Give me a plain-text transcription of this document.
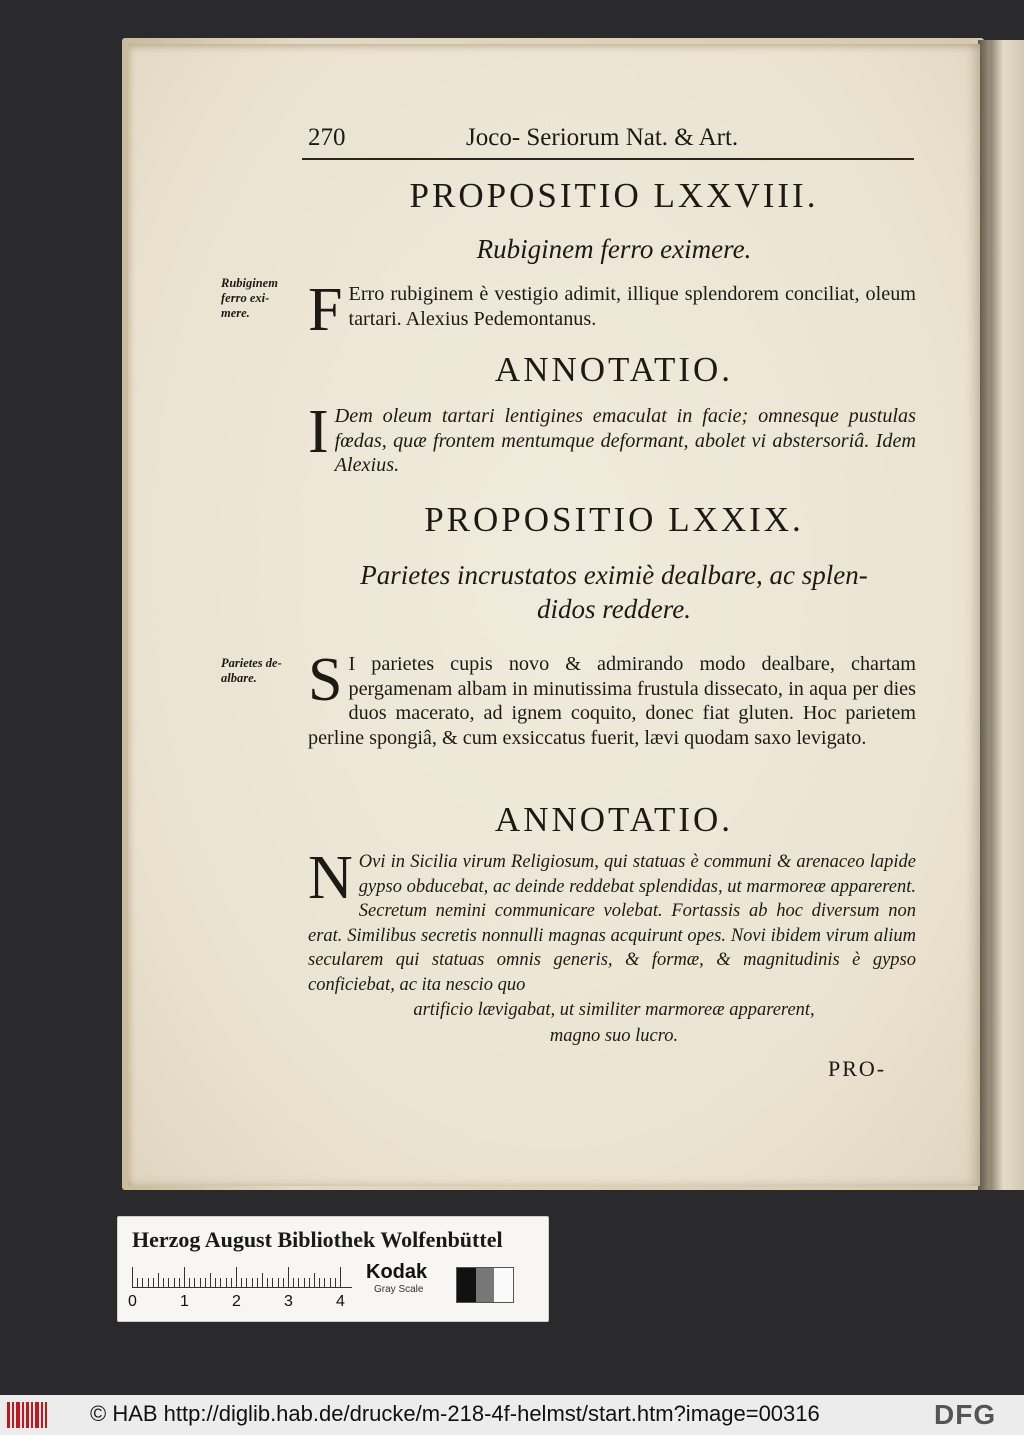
270	Joco- Seriorum Nat. & Art.
PROPOSITIO LXXVIII.
Rubiginem ferro eximere.
Rubiginem
ferro exi-
mere. F Erro rubiginem è vestigio adimit, illique splendorem conciliat, oleum tartari. Alexius Pedemontanus.
ANNOTATIO.
I Dem oleum tartari lentigines emaculat in facie; omnesque pustulas fœdas, quæ frontem mentumque deformant, abolet vi abstersoriâ. Idem Alexius.
PROPOSITIO LXXIX.
Parietes incrustatos eximiè dealbare, ac splen-
didos reddere.
Parietes de-
albare. S I parietes cupis novo & admirando modo dealbare, chartam pergamenam albam in minutissima frustula dissecato, in aqua per dies duos macerato, ad ignem coquito, donec fiat gluten. Hoc parietem perline spongiâ, & cum exsiccatus fuerit, lævi quodam saxo levigato.
ANNOTATIO.
N Ovi in Sicilia virum Religiosum, qui statuas è communi & arenaceo lapide gypso obducebat, ac deinde reddebat splendidas, ut marmoreæ apparerent. Secretum nemini communicare volebat. Fortassis ab hoc diversum non erat. Similibus secretis nonnulli magnas acquirunt opes. Novi ibidem virum alium secularem qui statuas omnis generis, & formæ, & magnitudinis è gypso conficiebat, ac ita nescio quo
artificio lævigabat, ut similiter marmoreæ apparerent,
magno suo lucro.
PRO-
Herzog August Bibliothek Wolfenbüttel
0	1	2	3	4
Kodak
Gray Scale
© HAB http://diglib.hab.de/drucke/m-218-4f-helmst/start.htm?image=00316	DFG
